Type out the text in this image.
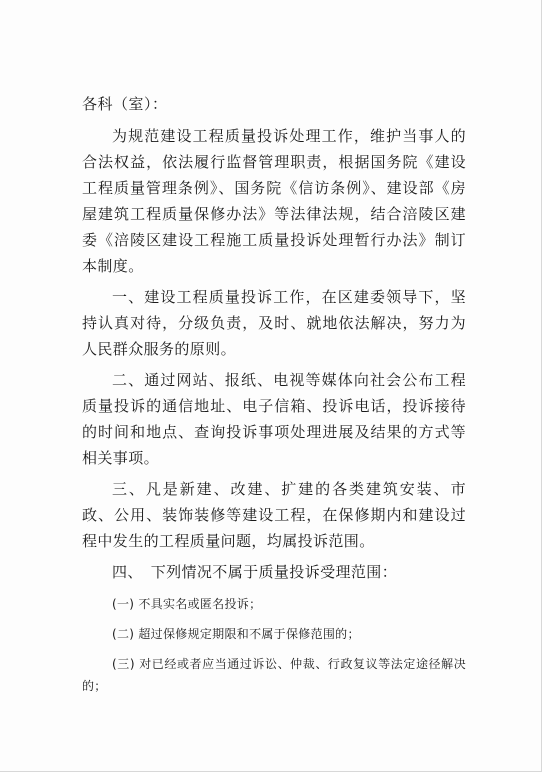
各科（室）：

为规范建设工程质量投诉处理工作，维护当事人的合法权益，依法履行监督管理职责，根据国务院《建设工程质量管理条例》、国务院《信访条例》、建设部《房屋建筑工程质量保修办法》等法律法规，结合涪陵区建委《涪陵区建设工程施工质量投诉处理暂行办法》制订本制度。

一、建设工程质量投诉工作，在区建委领导下，坚持认真对待，分级负责，及时、就地依法解决，努力为人民群众服务的原则。

二、通过网站、报纸、电视等媒体向社会公布工程质量投诉的通信地址、电子信箱、投诉电话，投诉接待的时间和地点、查询投诉事项处理进展及结果的方式等相关事项。

三、凡是新建、改建、扩建的各类建筑安装、市政、公用、装饰装修等建设工程，在保修期内和建设过程中发生的工程质量问题，均属投诉范围。

四、　下列情况不属于质量投诉受理范围：

(一) 不具实名或匿名投诉；

(二) 超过保修规定期限和不属于保修范围的；

(三) 对已经或者应当通过诉讼、仲裁、行政复议等法定途径解决的；
